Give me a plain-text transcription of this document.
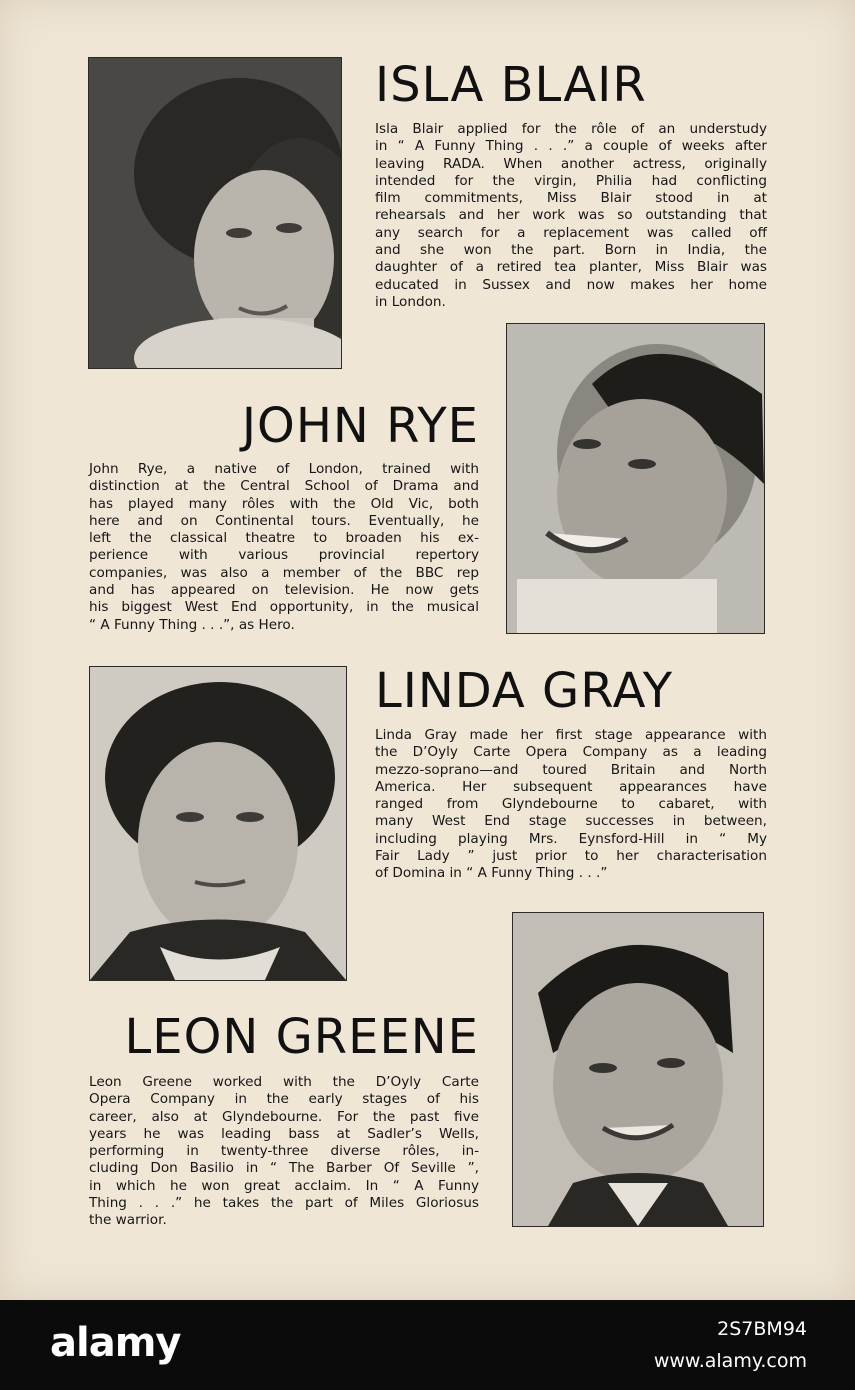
ISLA BLAIR
Isla Blair applied for the rôle of an understudy
in “ A Funny Thing . . .” a couple of weeks after
leaving RADA. When another actress, originally
intended for the virgin, Philia had conflicting
film commitments, Miss Blair stood in at
rehearsals and her work was so outstanding that
any search for a replacement was called off
and she won the part. Born in India, the
daughter of a retired tea planter, Miss Blair was
educated in Sussex and now makes her home
in London.
JOHN RYE
John Rye, a native of London, trained with
distinction at the Central School of Drama and
has played many rôles with the Old Vic, both
here and on Continental tours. Eventually, he
left the classical theatre to broaden his ex-
perience with various provincial repertory
companies, was also a member of the BBC rep
and has appeared on television. He now gets
his biggest West End opportunity, in the musical
“ A Funny Thing . . .”, as Hero.
LINDA GRAY
Linda Gray made her first stage appearance with
the D’Oyly Carte Opera Company as a leading
mezzo-soprano—and toured Britain and North
America. Her subsequent appearances have
ranged from Glyndebourne to cabaret, with
many West End stage successes in between,
including playing Mrs. Eynsford-Hill in “ My
Fair Lady ” just prior to her characterisation
of Domina in “ A Funny Thing . . .”
LEON GREENE
Leon Greene worked with the D’Oyly Carte
Opera Company in the early stages of his
career, also at Glyndebourne. For the past five
years he was leading bass at Sadler’s Wells,
performing in twenty-three diverse rôles, in-
cluding Don Basilio in “ The Barber Of Seville ”,
in which he won great acclaim. In “ A Funny
Thing . . .” he takes the part of Miles Gloriosus
the warrior.
alamy	2S7BM94
www.alamy.com
